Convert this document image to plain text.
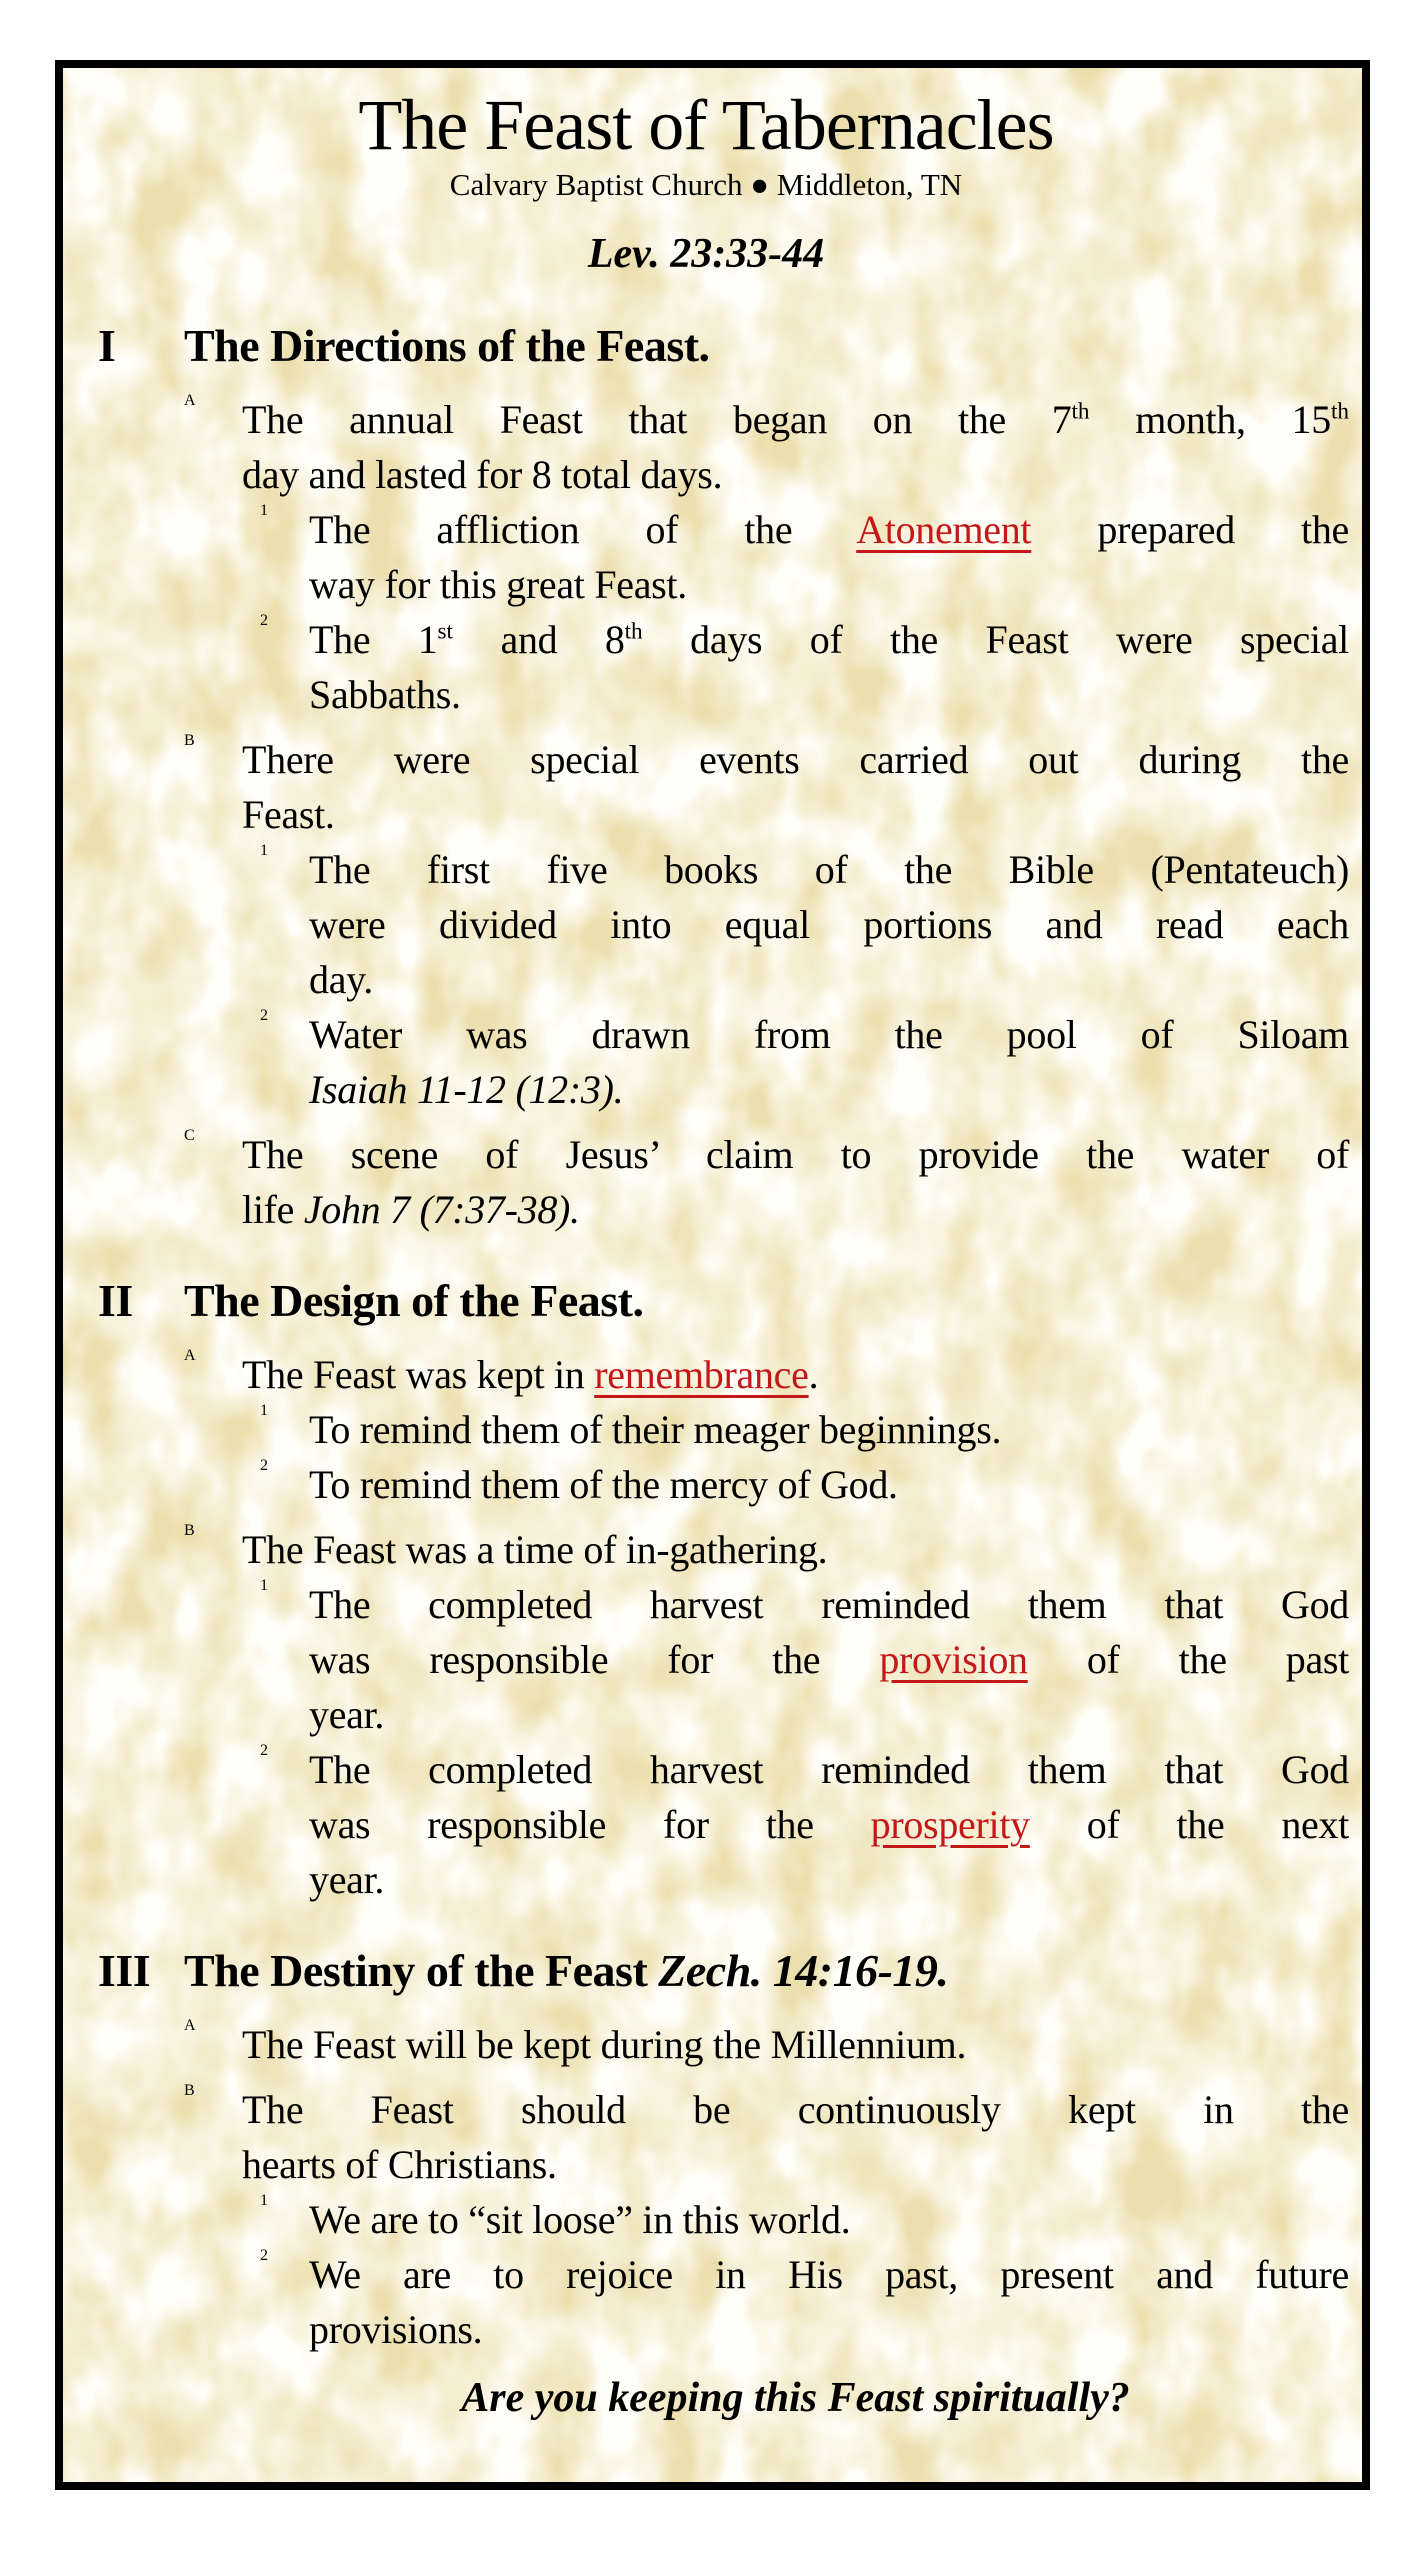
The Feast of Tabernacles
Calvary Baptist Church ● Middleton, TN
Lev. 23:33-44
I The Directions of the Feast.
A The annual Feast that began on the 7th month, 15th
day and lasted for 8 total days.
1 The affliction of the Atonement prepared the
way for this great Feast.
2 The 1st and 8th days of the Feast were special
Sabbaths.
B There were special events carried out during the
Feast.
1 The first five books of the Bible (Pentateuch)
were divided into equal portions and read each
day.
2 Water was drawn from the pool of Siloam
Isaiah 11-12 (12:3).
C The scene of Jesus’ claim to provide the water of
life John 7 (7:37-38).
II The Design of the Feast.
A The Feast was kept in remembrance.
1 To remind them of their meager beginnings.
2 To remind them of the mercy of God.
B The Feast was a time of in-gathering.
1 The completed harvest reminded them that God
was responsible for the provision of the past
year.
2 The completed harvest reminded them that God
was responsible for the prosperity of the next
year.
III The Destiny of the Feast Zech. 14:16-19.
A The Feast will be kept during the Millennium.
B The Feast should be continuously kept in the
hearts of Christians.
1 We are to “sit loose” in this world.
2 We are to rejoice in His past, present and future
provisions.
Are you keeping this Feast spiritually?
